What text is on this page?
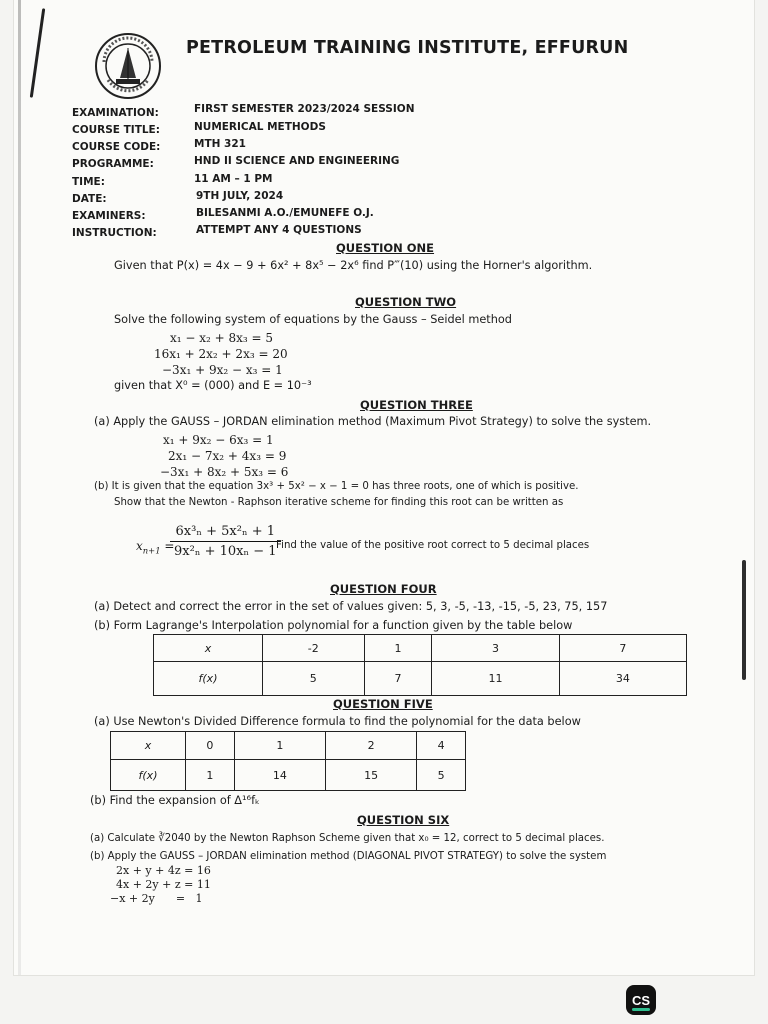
PETROLEUM TRAINING INSTITUTE, EFFURUN
EXAMINATION:	FIRST SEMESTER 2023/2024 SESSION
COURSE TITLE:	NUMERICAL METHODS
COURSE CODE:	MTH 321
PROGRAMME:	HND II SCIENCE AND ENGINEERING
TIME:	11 AM – 1 PM
DATE:	9TH JULY, 2024
EXAMINERS:	BILESANMI A.O./EMUNEFE O.J.
INSTRUCTION:	ATTEMPT ANY 4 QUESTIONS
QUESTION ONE
Given that P(x) = 4x − 9 + 6x² + 8x⁵ − 2x⁶ find P‴(10) using the Horner's algorithm.
QUESTION TWO
Solve the following system of equations by the Gauss – Seidel method
x₁ − x₂ + 8x₃ = 5
16x₁ + 2x₂ + 2x₃ = 20
−3x₁ + 9x₂ − x₃ = 1
given that X⁰ = (000) and E = 10⁻³
QUESTION THREE
(a) Apply the GAUSS – JORDAN elimination method (Maximum Pivot Strategy) to solve the system.
x₁ + 9x₂ − 6x₃ = 1
2x₁ − 7x₂ + 4x₃ = 9
−3x₁ + 8x₂ + 5x₃ = 6
(b) It is given that the equation 3x³ + 5x² − x − 1 = 0 has three roots, one of which is positive.
Show that the Newton - Raphson iterative scheme for finding this root can be written as
$x_{n+1}$ =
$\frac{\text{6x³ₙ + 5x²ₙ + 1}}{\text{9x²ₙ + 10xₙ − 1}}$
Find the value of the positive root correct to 5 decimal places
QUESTION FOUR
(a) Detect and correct the error in the set of values given: 5, 3, -5, -13, -15, -5, 23, 75, 157
(b) Form Lagrange's Interpolation polynomial for a function given by the table below
x	-2	1	3	7
f(x)	5	7	11	34
QUESTION FIVE
(a) Use Newton's Divided Difference formula to find the polynomial for the data below
x	0	1	2	4
f(x)	1	14	15	5
(b) Find the expansion of Δ¹⁶fₖ
QUESTION SIX
(a) Calculate ∛2040 by the Newton Raphson Scheme given that x₀ = 12, correct to 5 decimal places.
(b) Apply the GAUSS – JORDAN elimination method (DIAGONAL PIVOT STRATEGY) to solve the system
2x + y + 4z = 16
4x + 2y + z = 11
−x + 2y      =   1
CS
